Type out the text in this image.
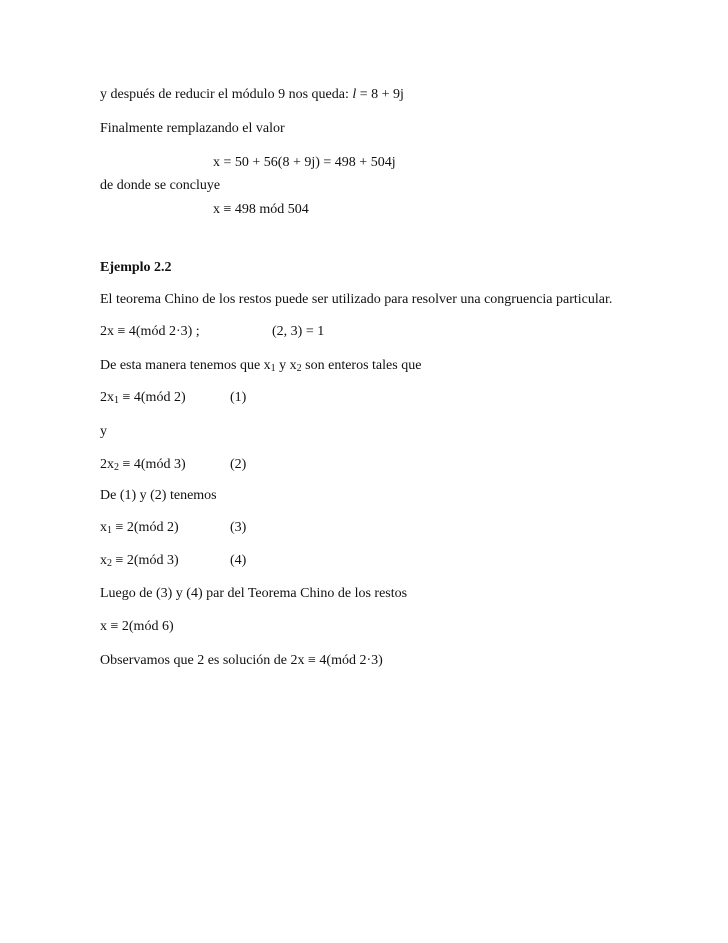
y después de reducir el módulo 9 nos queda: l = 8 + 9j
Finalmente remplazando el valor
x = 50 + 56(8 + 9j) = 498 + 504j
de donde se concluye
x ≡ 498 mód 504
Ejemplo 2.2
El teorema Chino de los restos puede ser utilizado para resolver una congruencia particular.
2x ≡ 4(mód 2·3) ;	(2, 3) = 1
De esta manera tenemos que $x_1$ y $x_2$ son enteros tales que
$2x_1$ ≡ 4(mód 2)	(1)
y
$2x_2$ ≡ 4(mód 3)	(2)
De (1) y (2) tenemos
$x_1$ ≡ 2(mód 2)	(3)
$x_2$ ≡ 2(mód 3)	(4)
Luego de (3) y (4) par del Teorema Chino de los restos
x ≡ 2(mód 6)
Observamos que 2 es solución de 2x ≡ 4(mód 2·3)
